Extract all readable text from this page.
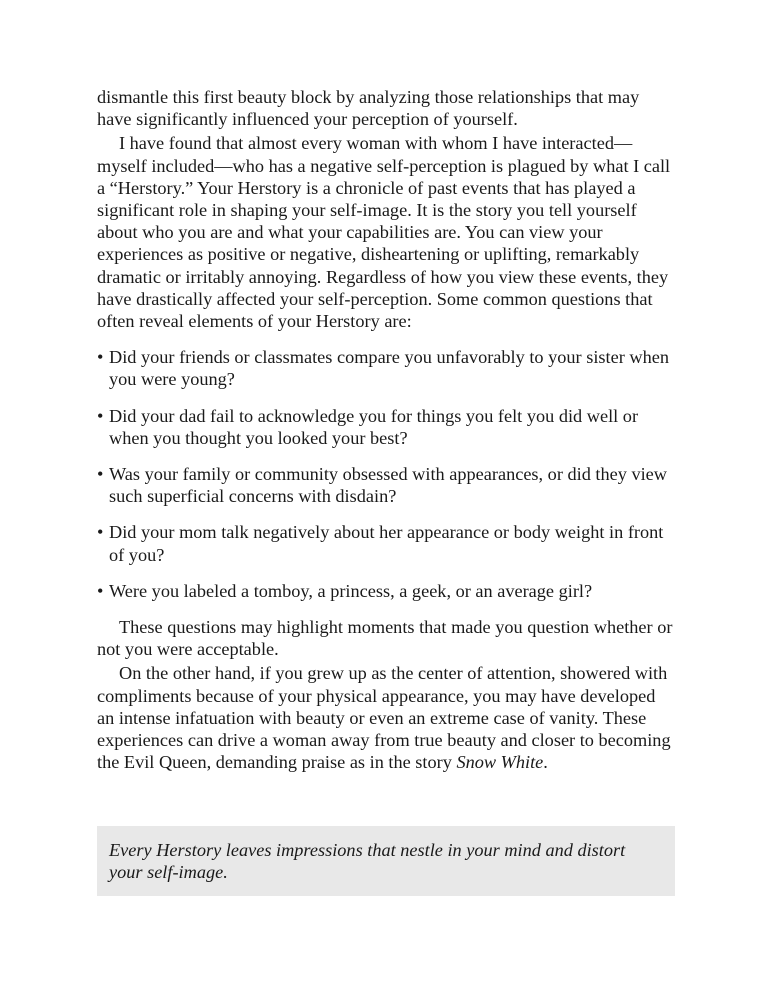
dismantle this first beauty block by analyzing those relationships that may have significantly influenced your perception of yourself.

I have found that almost every woman with whom I have interacted—myself included—who has a negative self-perception is plagued by what I call a “Herstory.” Your Herstory is a chronicle of past events that has played a significant role in shaping your self-image. It is the story you tell yourself about who you are and what your capabilities are. You can view your experiences as positive or negative, disheartening or uplifting, remarkably dramatic or irritably annoying. Regardless of how you view these events, they have drastically affected your self-perception. Some common questions that often reveal elements of your Herstory are:

• Did your friends or classmates compare you unfavorably to your sister when you were young?
• Did your dad fail to acknowledge you for things you felt you did well or when you thought you looked your best?
• Was your family or community obsessed with appearances, or did they view such superficial concerns with disdain?
• Did your mom talk negatively about her appearance or body weight in front of you?
• Were you labeled a tomboy, a princess, a geek, or an average girl?

These questions may highlight moments that made you question whether or not you were acceptable.

On the other hand, if you grew up as the center of attention, showered with compliments because of your physical appearance, you may have developed an intense infatuation with beauty or even an extreme case of vanity. These experiences can drive a woman away from true beauty and closer to becoming the Evil Queen, demanding praise as in the story Snow White.

Every Herstory leaves impressions that nestle in your mind and distort your self-image.
